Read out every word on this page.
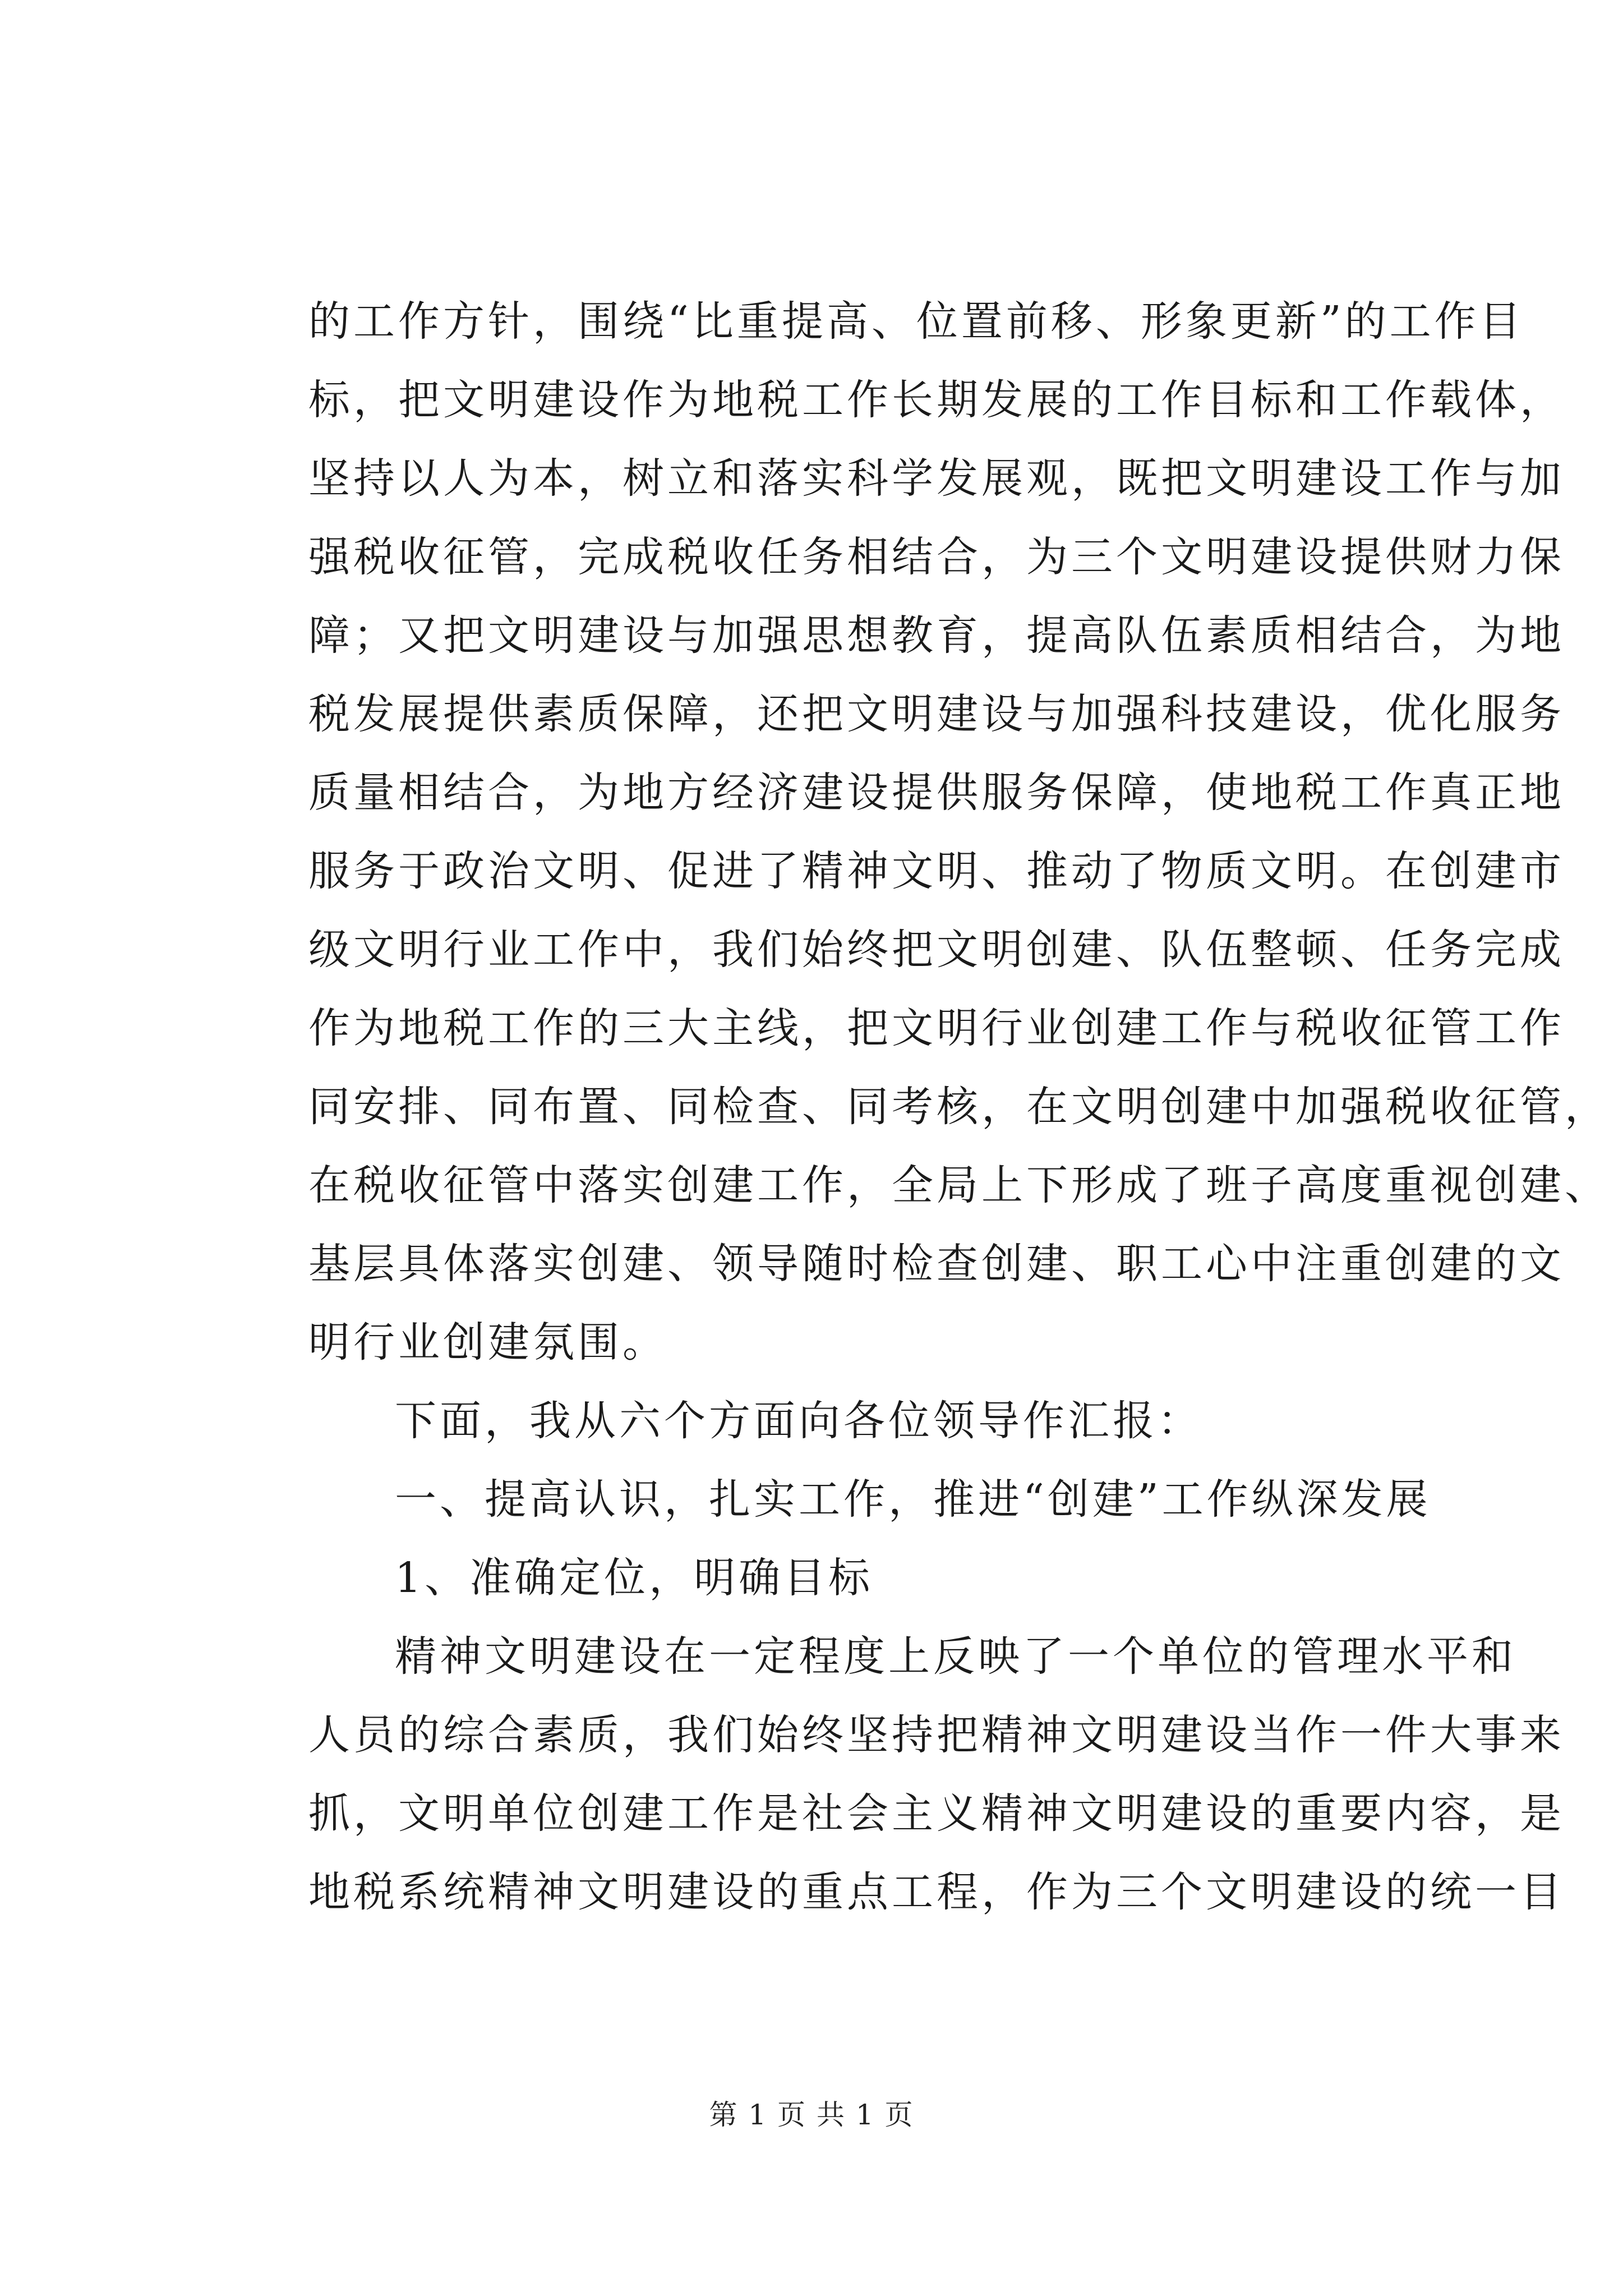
的工作方针，围绕“比重提高、位置前移、形象更新”的工作目
标，把文明建设作为地税工作长期发展的工作目标和工作载体，
坚持以人为本，树立和落实科学发展观，既把文明建设工作与加
强税收征管，完成税收任务相结合，为三个文明建设提供财力保
障；又把文明建设与加强思想教育，提高队伍素质相结合，为地
税发展提供素质保障，还把文明建设与加强科技建设，优化服务
质量相结合，为地方经济建设提供服务保障，使地税工作真正地
服务于政治文明、促进了精神文明、推动了物质文明。在创建市
级文明行业工作中，我们始终把文明创建、队伍整顿、任务完成
作为地税工作的三大主线，把文明行业创建工作与税收征管工作
同安排、同布置、同检查、同考核，在文明创建中加强税收征管，
在税收征管中落实创建工作，全局上下形成了班子高度重视创建、
基层具体落实创建、领导随时检查创建、职工心中注重创建的文
明行业创建氛围。
下面，我从六个方面向各位领导作汇报：
一、提高认识，扎实工作，推进“创建”工作纵深发展
1、准确定位，明确目标
精神文明建设在一定程度上反映了一个单位的管理水平和
人员的综合素质，我们始终坚持把精神文明建设当作一件大事来
抓，文明单位创建工作是社会主义精神文明建设的重要内容，是
地税系统精神文明建设的重点工程，作为三个文明建设的统一目
第 1 页 共 1 页
